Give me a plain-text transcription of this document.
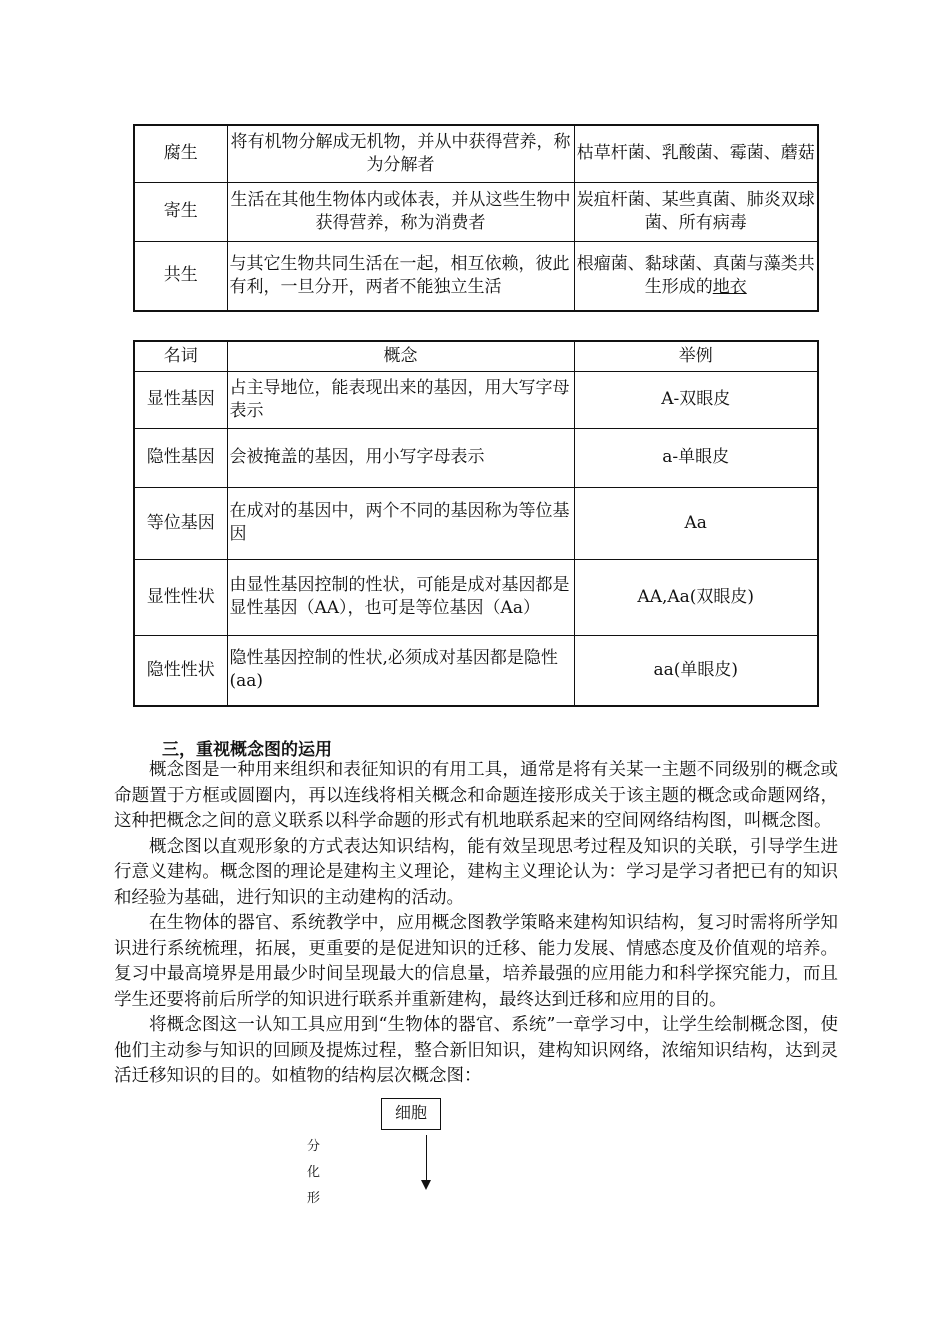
腐生	将有机物分解成无机物，并从中获得营养，称为分解者	枯草杆菌、乳酸菌、霉菌、蘑菇
寄生	生活在其他生物体内或体表，并从这些生物中获得营养，称为消费者	炭疽杆菌、某些真菌、肺炎双球菌、所有病毒
共生	与其它生物共同生活在一起，相互依赖，彼此有利，一旦分开，两者不能独立生活	根瘤菌、黏球菌、真菌与藻类共生形成的地衣
名词	概念	举例
显性基因	占主导地位，能表现出来的基因，用大写字母表示	A-双眼皮
隐性基因	会被掩盖的基因，用小写字母表示	a-单眼皮
等位基因	在成对的基因中，两个不同的基因称为等位基因	Aa
显性性状	由显性基因控制的性状，可能是成对基因都是显性基因（AA），也可是等位基因（Aa）	AA,Aa(双眼皮)
隐性性状	隐性基因控制的性状,必须成对基因都是隐性(aa)	aa(单眼皮)
三，重视概念图的运用

概念图是一种用来组织和表征知识的有用工具，通常是将有关某一主题不同级别的概念或命题置于方框或圆圈内，再以连线将相关概念和命题连接形成关于该主题的概念或命题网络，这种把概念之间的意义联系以科学命题的形式有机地联系起来的空间网络结构图，叫概念图。

概念图以直观形象的方式表达知识结构，能有效呈现思考过程及知识的关联，引导学生进行意义建构。概念图的理论是建构主义理论，建构主义理论认为：学习是学习者把已有的知识和经验为基础，进行知识的主动建构的活动。

在生物体的器官、系统教学中，应用概念图教学策略来建构知识结构，复习时需将所学知识进行系统梳理，拓展，更重要的是促进知识的迁移、能力发展、情感态度及价值观的培养。复习中最高境界是用最少时间呈现最大的信息量，培养最强的应用能力和科学探究能力，而且学生还要将前后所学的知识进行联系并重新建构，最终达到迁移和应用的目的。

将概念图这一认知工具应用到“生物体的器官、系统”一章学习中，让学生绘制概念图，使他们主动参与知识的回顾及提炼过程，整合新旧知识，建构知识网络，浓缩知识结构，达到灵活迁移知识的目的。如植物的结构层次概念图：

细胞
分
化
形
